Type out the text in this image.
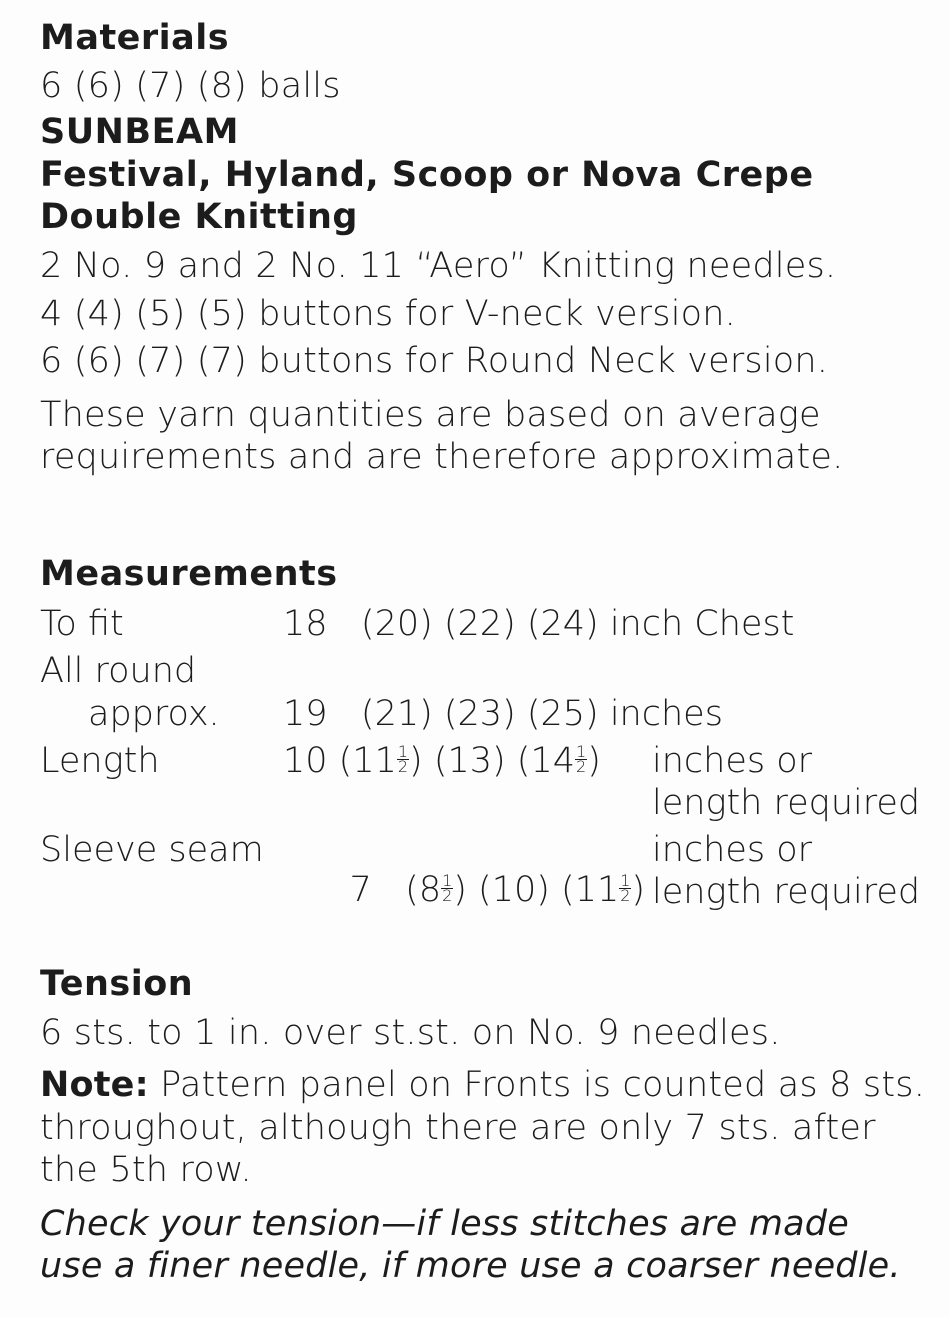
Materials
6 (6) (7) (8) balls
SUNBEAM
Festival, Hyland, Scoop or Nova Crepe
Double Knitting
2 No. 9 and 2 No. 11 “Aero” Knitting needles.
4 (4) (5) (5) buttons for V-neck version.
6 (6) (7) (7) buttons for Round Neck version.
These yarn quantities are based on average
requirements and are therefore approximate.
Measurements
To fit	18   (20) (22) (24) inch Chest
All round
approx. 19   (21) (23) (25) inches
Length	10 ($11 \frac{1}{2}$ ) (13) ($14 \frac{1}{2}$ ) inches or
length required
Sleeve seam

7   ($8 \frac{1}{2}$ ) (10) ($11 \frac{1}{2}$ )

inches or
length required
Tension
6 sts. to 1 in. over st.st. on No. 9 needles.
Note: Pattern panel on Fronts is counted as 8 sts.
throughout, although there are only 7 sts. after
the 5th row.
Check your tension—if less stitches are made
use a finer needle, if more use a coarser needle.
